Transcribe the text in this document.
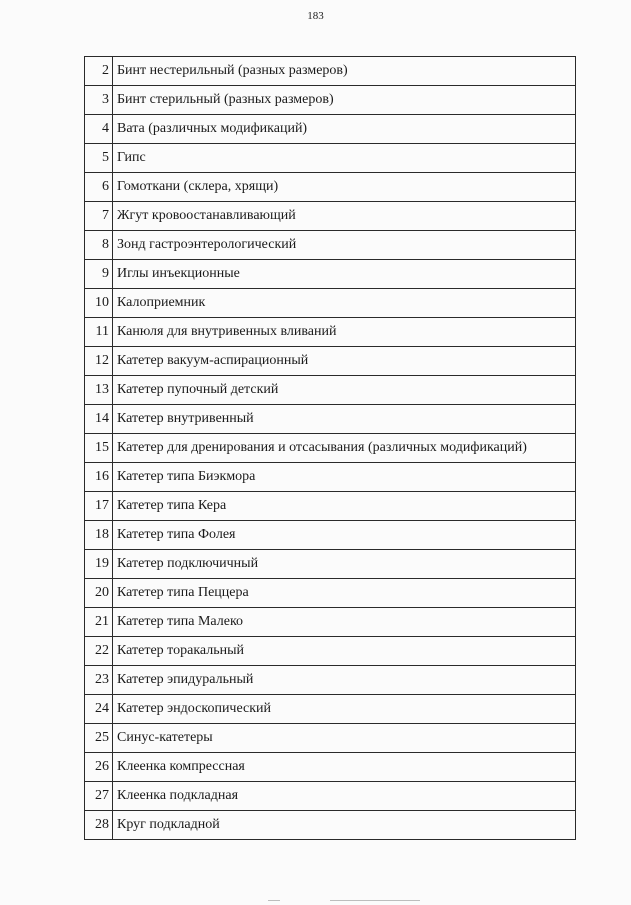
183
2	Бинт нестерильный (разных размеров)
3	Бинт стерильный (разных размеров)
4	Вата (различных модификаций)
5	Гипс
6	Гомоткани (склера, хрящи)
7	Жгут кровоостанавливающий
8	Зонд гастроэнтерологический
9	Иглы инъекционные
10	Калоприемник
11	Канюля для внутривенных вливаний
12	Катетер вакуум-аспирационный
13	Катетер пупочный детский
14	Катетер внутривенный
15	Катетер для дренирования и отсасывания (различных модификаций)
16	Катетер типа Биэкмора
17	Катетер типа Кера
18	Катетер типа Фолея
19	Катетер подключичный
20	Катетер типа Пеццера
21	Катетер типа Малеко
22	Катетер торакальный
23	Катетер эпидуральный
24	Катетер эндоскопический
25	Синус-катетеры
26	Клеенка компрессная
27	Клеенка подкладная
28	Круг подкладной
